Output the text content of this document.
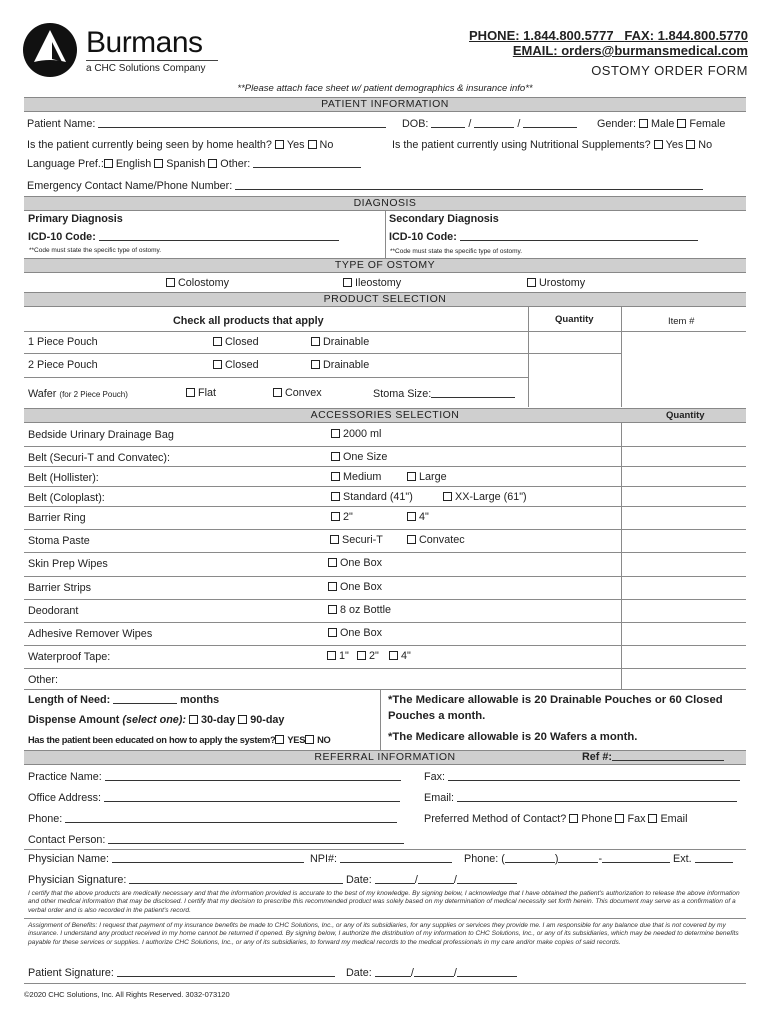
Burmans
a CHC Solutions Company
PHONE: 1.844.800.5777 FAX: 1.844.800.5770
EMAIL: orders@burmansmedical.com
OSTOMY ORDER FORM
**Please attach face sheet w/ patient demographics & insurance info**
PATIENT INFORMATION
Patient Name:	DOB:	/	/	Gender: Male Female
Is the patient currently being seen by home health? Yes No	Is the patient currently using Nutritional Supplements? Yes No
Language Pref.: English Spanish Other:
Emergency Contact Name/Phone Number:
DIAGNOSIS
Primary Diagnosis	Secondary Diagnosis
ICD-10 Code:	ICD-10 Code:
**Code must state the specific type of ostomy.	**Code must state the specific type of ostomy.
TYPE OF OSTOMY
Colostomy	Ileostomy	Urostomy
PRODUCT SELECTION
Check all products that apply	Quantity	Item #
1 Piece Pouch	Closed	Drainable
2 Piece Pouch	Closed	Drainable
Wafer (for 2 Piece Pouch)	Flat	Convex	Stoma Size:
ACCESSORIES SELECTION	Quantity
Bedside Urinary Drainage Bag	2000 ml
Belt (Securi-T and Convatec):	One Size
Belt (Hollister):	Medium	Large
Belt (Coloplast):	Standard (41")	XX-Large (61")
Barrier Ring	2"	4"
Stoma Paste	Securi-T	Convatec
Skin Prep Wipes	One Box
Barrier Strips	One Box
Deodorant	8 oz Bottle
Adhesive Remover Wipes	One Box
Waterproof Tape:	1"	2"	4"
Other:
Length of Need:	months
Dispense Amount (select one): 30-day 90-day
Has the patient been educated on how to apply the system? YES NO
*The Medicare allowable is 20 Drainable Pouches or 60 Closed Pouches a month.
*The Medicare allowable is 20 Wafers a month.
REFERRAL INFORMATION	Ref #:
Practice Name:	Fax:
Office Address:	Email:
Phone:	Preferred Method of Contact? Phone Fax Email
Contact Person:
Physician Name:	NPI#:	Phone: (	)	-	Ext.
Physician Signature:	Date:	/	/
I certify that the above products are medically necessary and that the information provided is accurate to the best of my knowledge. By signing below, I acknowledge that I have obtained the patient's authorization to release the above information and other medical information that may be disclosed. I certify that my decision to prescribe this recommended product was solely based on my determination of medical necessity set forth herein. This document may serve as a confirmation of a verbal order and is also recorded in the patient's record.
Assignment of Benefits: I request that payment of my insurance benefits be made to CHC Solutions, Inc., or any of its subsidiaries, for any supplies or services they provide me. I am responsible for any balance due that is not covered by my insurance. I understand any product received in my home cannot be returned if opened. By signing below, I authorize the distribution of my information to CHC Solutions, Inc., or any of its subsidiaries, which may be needed to determine benefits payable for these services or supplies. I authorize CHC Solutions, Inc., or any of its subsidiaries, to forward my medical records to the medical professionals in my care and/or make copies of said records.
Patient Signature:	Date:	/	/
©2020 CHC Solutions, Inc. All Rights Reserved. 3032-073120
